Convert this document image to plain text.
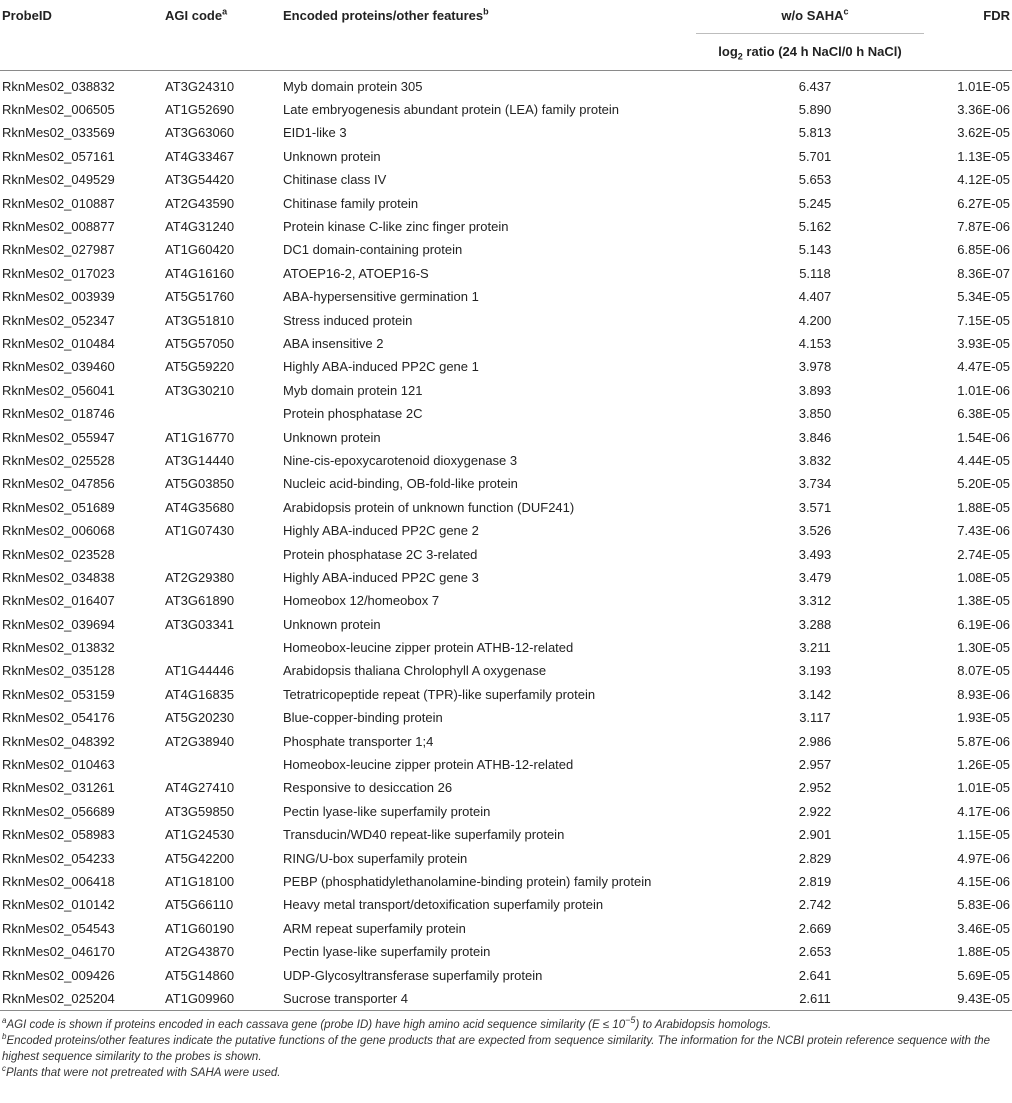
ProbeID	AGI code$^a$	Encoded proteins/other features$^b$	w/o SAHA$^c$	FDR
			$\log_2$ ratio (24 h NaCl/0 h NaCl)	

RknMes02_038832	AT3G24310	Myb domain protein 305	6.437	1.01E-05
RknMes02_006505	AT1G52690	Late embryogenesis abundant protein (LEA) family protein	5.890	3.36E-06
RknMes02_033569	AT3G63060	EID1-like 3	5.813	3.62E-05
RknMes02_057161	AT4G33467	Unknown protein	5.701	1.13E-05
RknMes02_049529	AT3G54420	Chitinase class IV	5.653	4.12E-05
RknMes02_010887	AT2G43590	Chitinase family protein	5.245	6.27E-05
RknMes02_008877	AT4G31240	Protein kinase C-like zinc finger protein	5.162	7.87E-06
RknMes02_027987	AT1G60420	DC1 domain-containing protein	5.143	6.85E-06
RknMes02_017023	AT4G16160	ATOEP16-2, ATOEP16-S	5.118	8.36E-07
RknMes02_003939	AT5G51760	ABA-hypersensitive germination 1	4.407	5.34E-05
RknMes02_052347	AT3G51810	Stress induced protein	4.200	7.15E-05
RknMes02_010484	AT5G57050	ABA insensitive 2	4.153	3.93E-05
RknMes02_039460	AT5G59220	Highly ABA-induced PP2C gene 1	3.978	4.47E-05
RknMes02_056041	AT3G30210	Myb domain protein 121	3.893	1.01E-06
RknMes02_018746		Protein phosphatase 2C	3.850	6.38E-05
RknMes02_055947	AT1G16770	Unknown protein	3.846	1.54E-06
RknMes02_025528	AT3G14440	Nine-cis-epoxycarotenoid dioxygenase 3	3.832	4.44E-05
RknMes02_047856	AT5G03850	Nucleic acid-binding, OB-fold-like protein	3.734	5.20E-05
RknMes02_051689	AT4G35680	Arabidopsis protein of unknown function (DUF241)	3.571	1.88E-05
RknMes02_006068	AT1G07430	Highly ABA-induced PP2C gene 2	3.526	7.43E-06
RknMes02_023528		Protein phosphatase 2C 3-related	3.493	2.74E-05
RknMes02_034838	AT2G29380	Highly ABA-induced PP2C gene 3	3.479	1.08E-05
RknMes02_016407	AT3G61890	Homeobox 12/homeobox 7	3.312	1.38E-05
RknMes02_039694	AT3G03341	Unknown protein	3.288	6.19E-06
RknMes02_013832		Homeobox-leucine zipper protein ATHB-12-related	3.211	1.30E-05
RknMes02_035128	AT1G44446	Arabidopsis thaliana Chrolophyll A oxygenase	3.193	8.07E-05
RknMes02_053159	AT4G16835	Tetratricopeptide repeat (TPR)-like superfamily protein	3.142	8.93E-06
RknMes02_054176	AT5G20230	Blue-copper-binding protein	3.117	1.93E-05
RknMes02_048392	AT2G38940	Phosphate transporter 1;4	2.986	5.87E-06
RknMes02_010463		Homeobox-leucine zipper protein ATHB-12-related	2.957	1.26E-05
RknMes02_031261	AT4G27410	Responsive to desiccation 26	2.952	1.01E-05
RknMes02_056689	AT3G59850	Pectin lyase-like superfamily protein	2.922	4.17E-06
RknMes02_058983	AT1G24530	Transducin/WD40 repeat-like superfamily protein	2.901	1.15E-05
RknMes02_054233	AT5G42200	RING/U-box superfamily protein	2.829	4.97E-06
RknMes02_006418	AT1G18100	PEBP (phosphatidylethanolamine-binding protein) family protein	2.819	4.15E-06
RknMes02_010142	AT5G66110	Heavy metal transport/detoxification superfamily protein	2.742	5.83E-06
RknMes02_054543	AT1G60190	ARM repeat superfamily protein	2.669	3.46E-05
RknMes02_046170	AT2G43870	Pectin lyase-like superfamily protein	2.653	1.88E-05
RknMes02_009426	AT5G14860	UDP-Glycosyltransferase superfamily protein	2.641	5.69E-05
RknMes02_025204	AT1G09960	Sucrose transporter 4	2.611	9.43E-05

$^a$AGI code is shown if proteins encoded in each cassava gene (probe ID) have high amino acid sequence similarity $(E \le 10^{-5})$ to Arabidopsis homologs.

$^b$Encoded proteins/other features indicate the putative functions of the gene products that are expected from sequence similarity. The information for the NCBI protein reference sequence with the highest sequence similarity to the probes is shown.

$^c$Plants that were not pretreated with SAHA were used.
